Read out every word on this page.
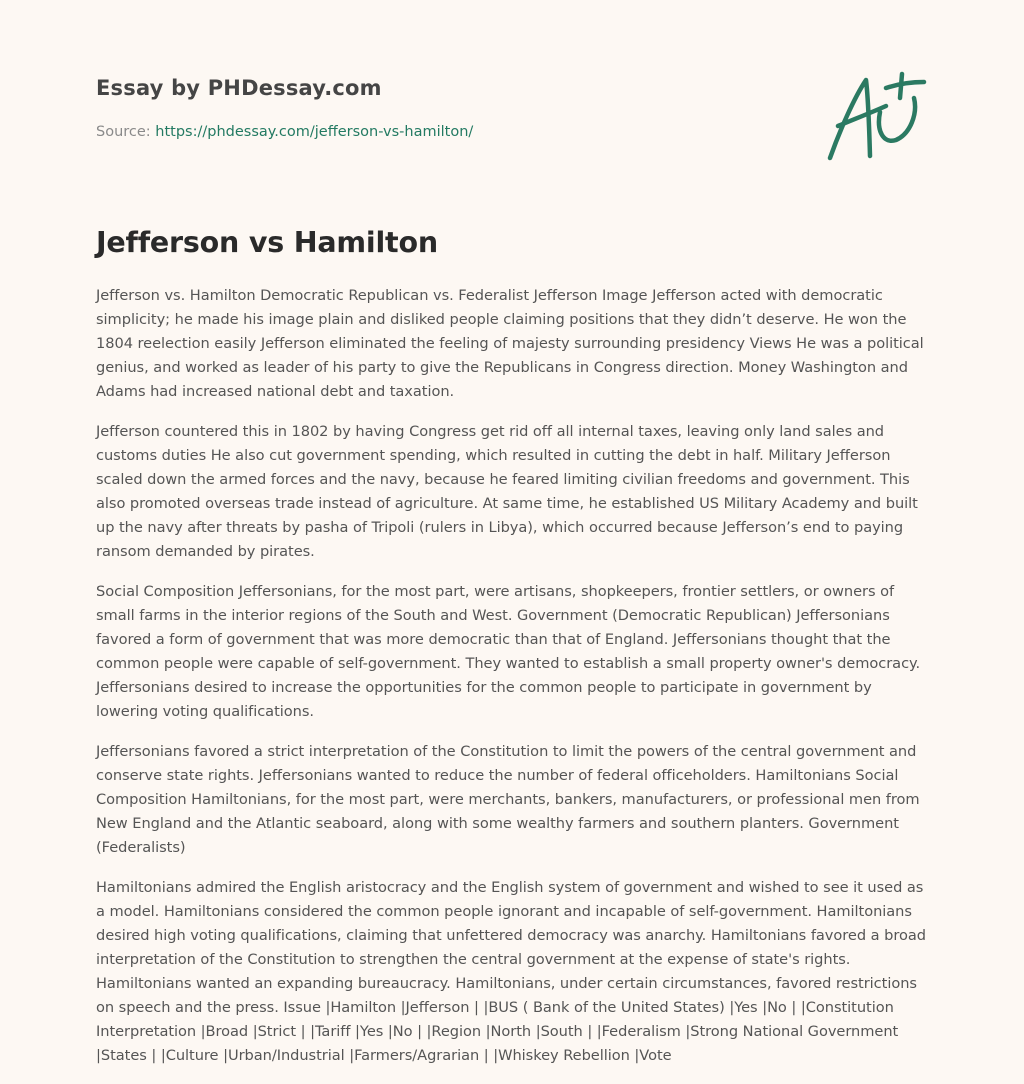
Essay by PHDessay.com
Source: https://phdessay.com/jefferson-vs-hamilton/
Jefferson vs Hamilton

Jefferson vs. Hamilton Democratic Republican vs. Federalist Jefferson Image Jefferson acted with democratic simplicity; he made his image plain and disliked people claiming positions that they didn’t deserve. He won the 1804 reelection easily Jefferson eliminated the feeling of majesty surrounding presidency Views He was a political genius, and worked as leader of his party to give the Republicans in Congress direction. Money Washington and Adams had increased national debt and taxation.

Jefferson countered this in 1802 by having Congress get rid off all internal taxes, leaving only land sales and customs duties He also cut government spending, which resulted in cutting the debt in half. Military Jefferson scaled down the armed forces and the navy, because he feared limiting civilian freedoms and government. This also promoted overseas trade instead of agriculture. At same time, he established US Military Academy and built up the navy after threats by pasha of Tripoli (rulers in Libya), which occurred because Jefferson’s end to paying ransom demanded by pirates.

Social Composition Jeffersonians, for the most part, were artisans, shopkeepers, frontier settlers, or owners of small farms in the interior regions of the South and West. Government (Democratic Republican) Jeffersonians favored a form of government that was more democratic than that of England. Jeffersonians thought that the common people were capable of self-government. They wanted to establish a small property owner's democracy. Jeffersonians desired to increase the opportunities for the common people to participate in government by lowering voting qualifications.

Jeffersonians favored a strict interpretation of the Constitution to limit the powers of the central government and conserve state rights. Jeffersonians wanted to reduce the number of federal officeholders. Hamiltonians Social Composition Hamiltonians, for the most part, were merchants, bankers, manufacturers, or professional men from New England and the Atlantic seaboard, along with some wealthy farmers and southern planters. Government (Federalists)

Hamiltonians admired the English aristocracy and the English system of government and wished to see it used as a model. Hamiltonians considered the common people ignorant and incapable of self-government. Hamiltonians desired high voting qualifications, claiming that unfettered democracy was anarchy. Hamiltonians favored a broad interpretation of the Constitution to strengthen the central government at the expense of state's rights. Hamiltonians wanted an expanding bureaucracy. Hamiltonians, under certain circumstances, favored restrictions on speech and the press. Issue |Hamilton |Jefferson | |BUS ( Bank of the United States) |Yes |No | |Constitution Interpretation |Broad |Strict | |Tariff |Yes |No | |Region |North |South | |Federalism |Strong National Government |States | |Culture |Urban/Industrial |Farmers/Agrarian | |Whiskey Rebellion |Vote
